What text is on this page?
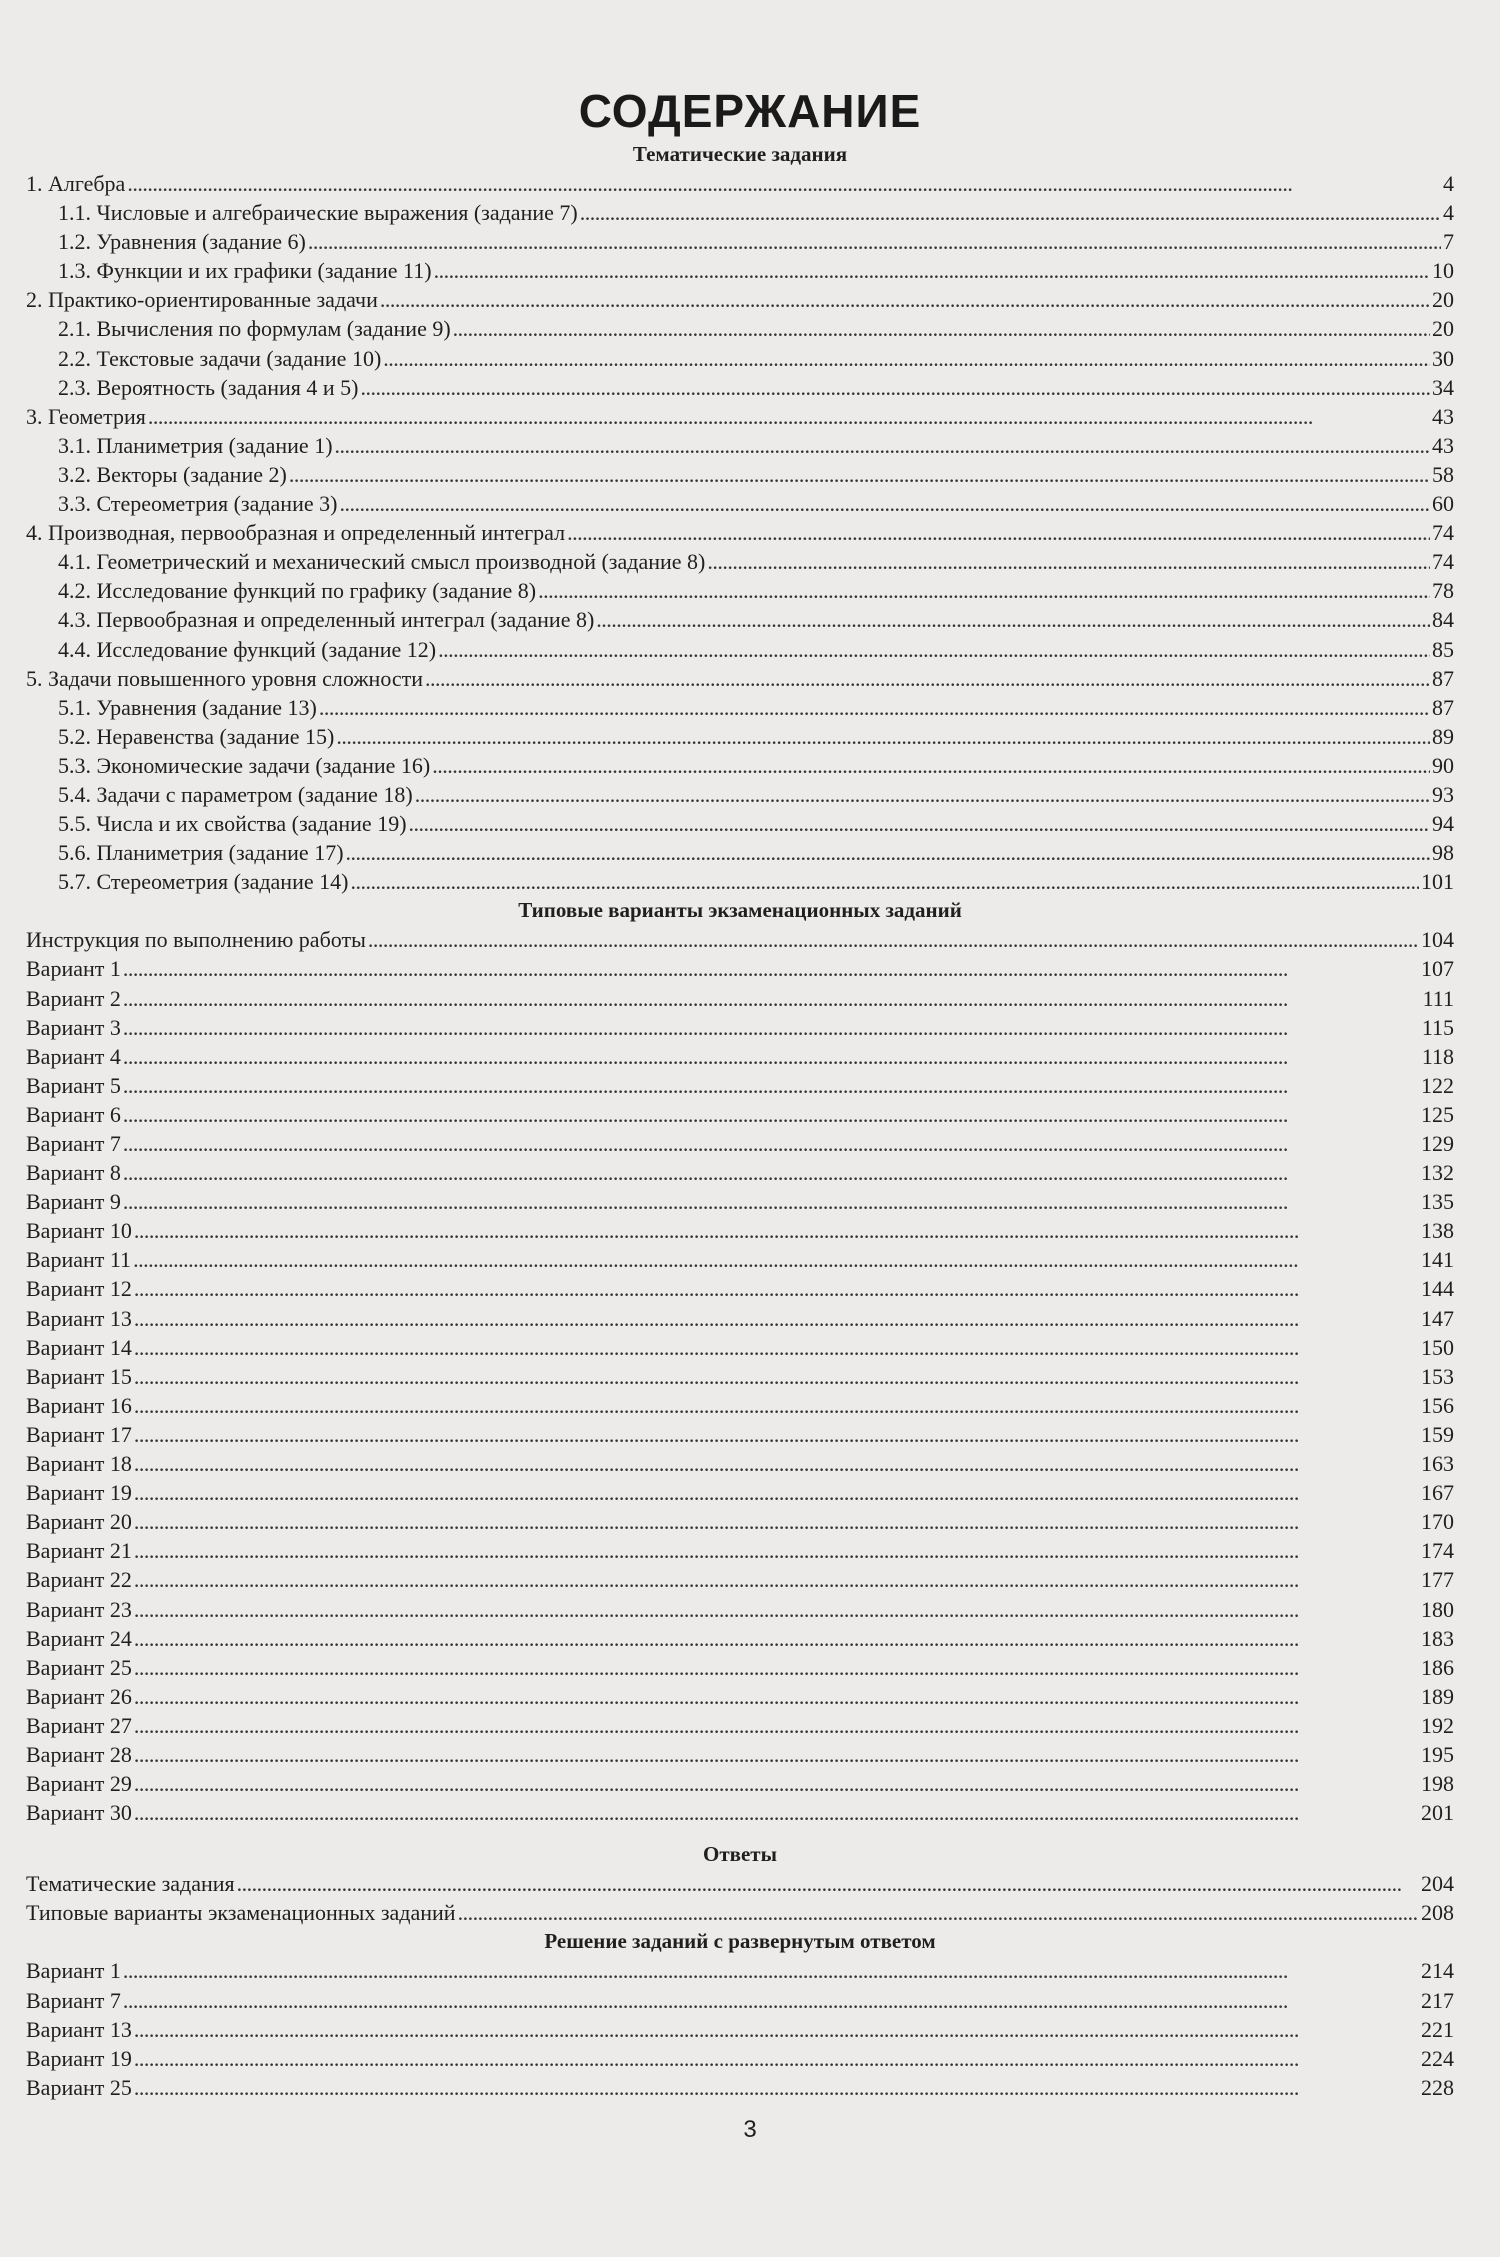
СОДЕРЖАНИЕ
Тематические задания
1. Алгебра . . .	4
1.1. Числовые и алгебраические выражения (задание 7) . . .	4
1.2. Уравнения (задание 6) . . .	7
1.3. Функции и их графики (задание 11) . . .	10
2. Практико-ориентированные задачи . . .	20
2.1. Вычисления по формулам (задание 9) . . .	20
2.2. Текстовые задачи (задание 10) . . .	30
2.3. Вероятность (задания 4 и 5) . . .	34
3. Геометрия . . .	43
3.1. Планиметрия (задание 1) . . .	43
3.2. Векторы (задание 2) . . .	58
3.3. Стереометрия (задание 3) . . .	60
4. Производная, первообразная и определенный интеграл . . .	74
4.1. Геометрический и механический смысл производной (задание 8) . . .	74
4.2. Исследование функций по графику (задание 8) . . .	78
4.3. Первообразная и определенный интеграл (задание 8) . . .	84
4.4. Исследование функций (задание 12) . . .	85
5. Задачи повышенного уровня сложности . . .	87
5.1. Уравнения (задание 13) . . .	87
5.2. Неравенства (задание 15) . . .	89
5.3. Экономические задачи (задание 16) . . .	90
5.4. Задачи с параметром (задание 18) . . .	93
5.5. Числа и их свойства (задание 19) . . .	94
5.6. Планиметрия (задание 17) . . .	98
5.7. Стереометрия (задание 14) . . .	101
Типовые варианты экзаменационных заданий
Инструкция по выполнению работы . . .	104
Вариант 1 . . .	107
Вариант 2 . . .	111
Вариант 3 . . .	115
Вариант 4 . . .	118
Вариант 5 . . .	122
Вариант 6 . . .	125
Вариант 7 . . .	129
Вариант 8 . . .	132
Вариант 9 . . .	135
Вариант 10 . . .	138
Вариант 11 . . .	141
Вариант 12 . . .	144
Вариант 13 . . .	147
Вариант 14 . . .	150
Вариант 15 . . .	153
Вариант 16 . . .	156
Вариант 17 . . .	159
Вариант 18 . . .	163
Вариант 19 . . .	167
Вариант 20 . . .	170
Вариант 21 . . .	174
Вариант 22 . . .	177
Вариант 23 . . .	180
Вариант 24 . . .	183
Вариант 25 . . .	186
Вариант 26 . . .	189
Вариант 27 . . .	192
Вариант 28 . . .	195
Вариант 29 . . .	198
Вариант 30 . . .	201
Ответы
Тематические задания . . .	204
Типовые варианты экзаменационных заданий . . .	208
Решение заданий с развернутым ответом
Вариант 1 . . .	214
Вариант 7 . . .	217
Вариант 13 . . .	221
Вариант 19 . . .	224
Вариант 25 . . .	228
3
